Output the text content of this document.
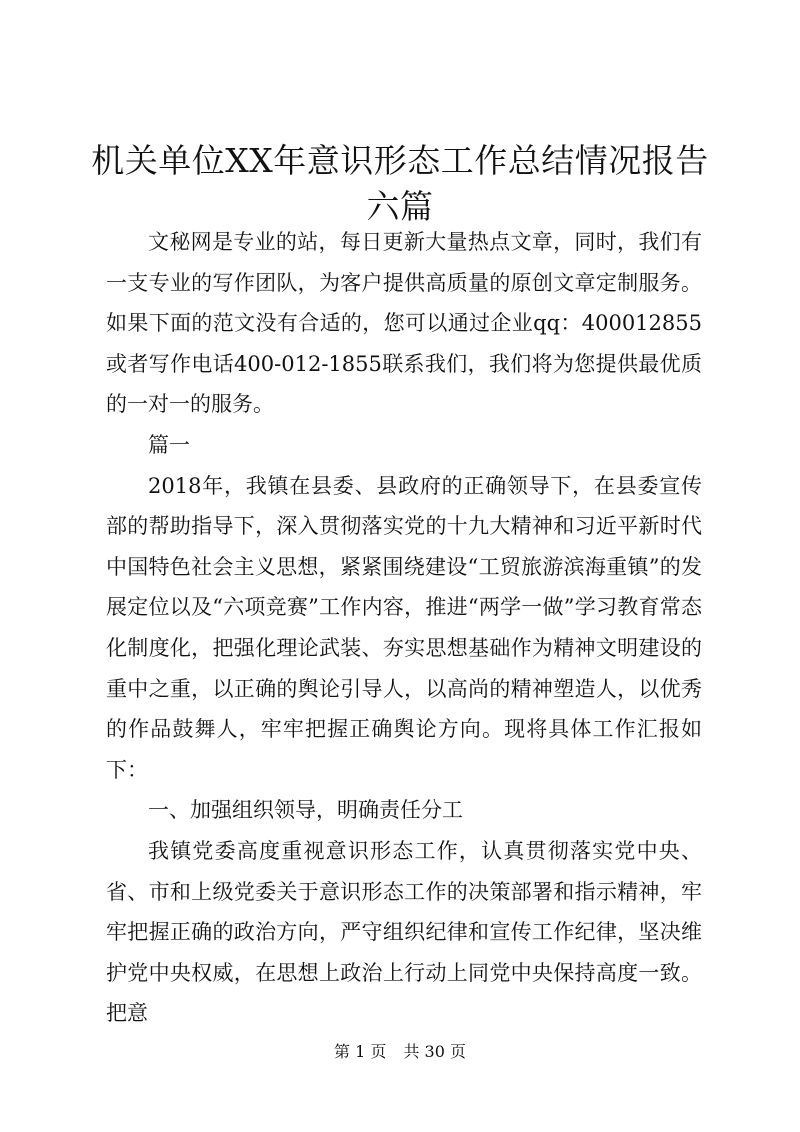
机关单位XX年意识形态工作总结情况报告六篇

文秘网是专业的站，每日更新大量热点文章，同时，我们有一支专业的写作团队，为客户提供高质量的原创文章定制服务。如果下面的范文没有合适的，您可以通过企业qq：400012855或者写作电话400-012-1855联系我们，我们将为您提供最优质的一对一的服务。

篇一

2018年，我镇在县委、县政府的正确领导下，在县委宣传部的帮助指导下，深入贯彻落实党的十九大精神和习近平新时代中国特色社会主义思想，紧紧围绕建设“工贸旅游滨海重镇”的发展定位以及“六项竞赛”工作内容，推进“两学一做”学习教育常态化制度化，把强化理论武装、夯实思想基础作为精神文明建设的重中之重，以正确的舆论引导人，以高尚的精神塑造人，以优秀的作品鼓舞人，牢牢把握正确舆论方向。现将具体工作汇报如下：

一、加强组织领导，明确责任分工

我镇党委高度重视意识形态工作，认真贯彻落实党中央、省、市和上级党委关于意识形态工作的决策部署和指示精神，牢牢把握正确的政治方向，严守组织纪律和宣传工作纪律，坚决维护党中央权威，在思想上政治上行动上同党中央保持高度一致。把意

第 1 页 共 30 页
